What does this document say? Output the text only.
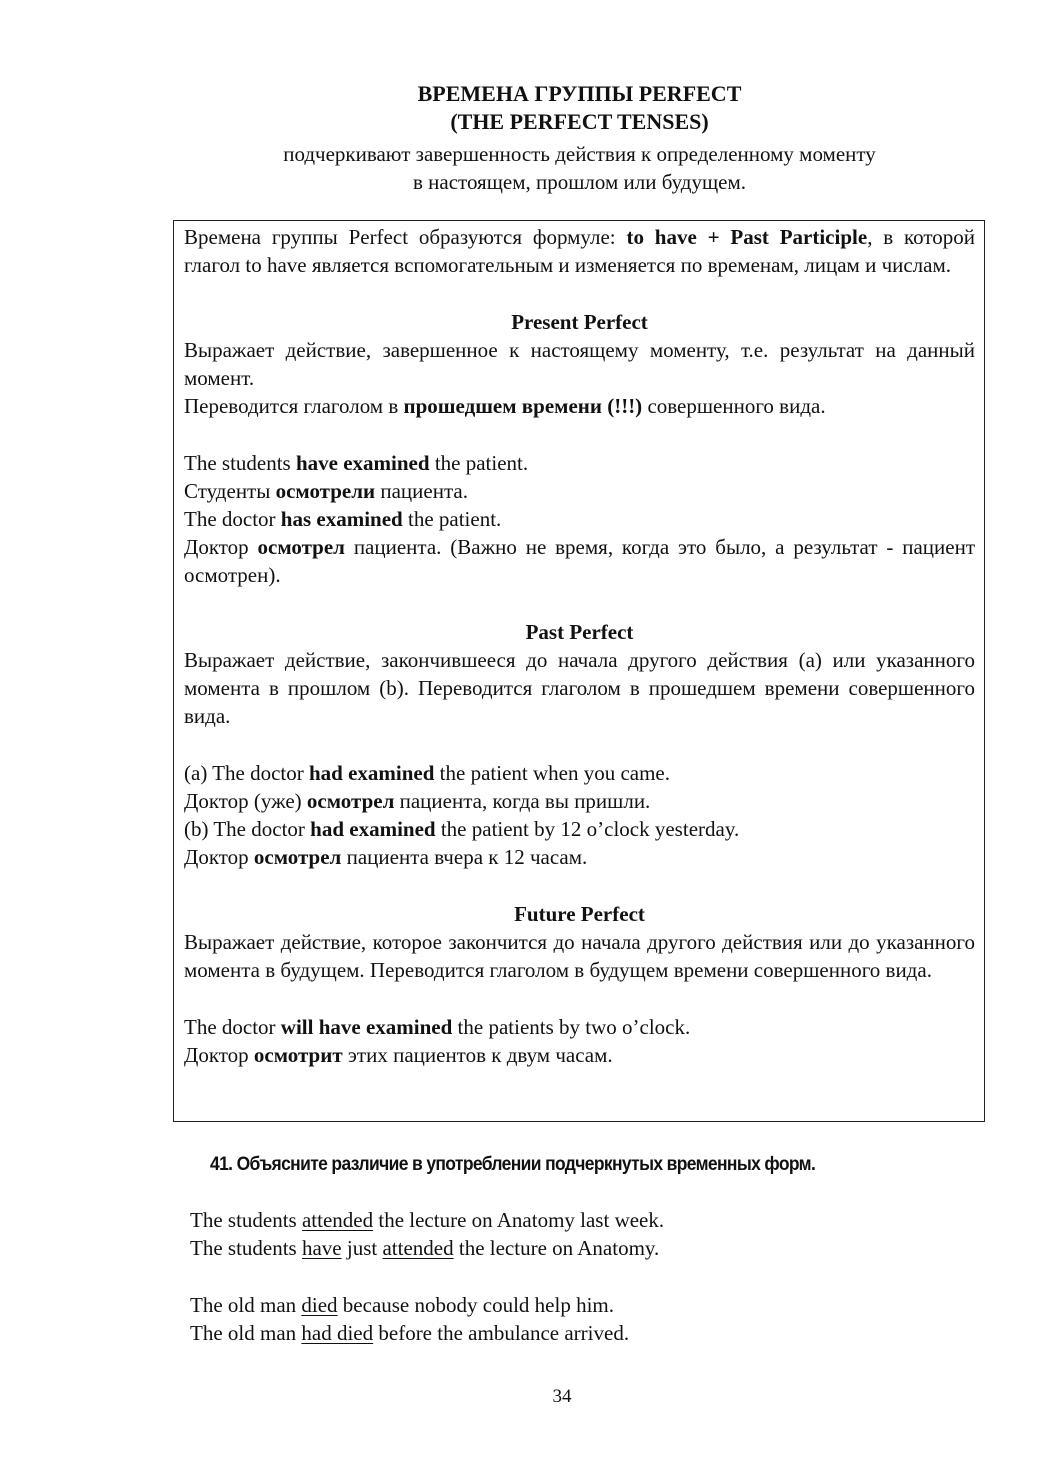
ВРЕМЕНА ГРУППЫ PERFECT
(THE PERFECT TENSES)
подчеркивают завершенность действия к определенному моменту
в настоящем, прошлом или будущем.

Времена группы Perfect образуются формуле: to have + Past Participle, в которой глагол to have является вспомогательным и изменяется по временам, лицам и числам.

Present Perfect

Выражает действие, завершенное к настоящему моменту, т.е. результат на данный момент.

Переводится глаголом в прошедшем времени (!!!) совершенного вида.

The students have examined the patient.

Студенты осмотрели пациента.

The doctor has examined the patient.

Доктор осмотрел пациента. (Важно не время, когда это было, а результат - пациент осмотрен).

Past Perfect

Выражает действие, закончившееся до начала другого действия (а) или указанного момента в прошлом (b). Переводится глаголом в прошедшем времени совершенного вида.

(a) The doctor had examined the patient when you came.

Доктор (уже) осмотрел пациента, когда вы пришли.

(b) The doctor had examined the patient by 12 o’clock yesterday.

Доктор осмотрел пациента вчера к 12 часам.

Future Perfect

Выражает действие, которое закончится до начала другого действия или до указанного момента в будущем. Переводится глаголом в будущем времени совершенного вида.

The doctor will have examined the patients by two o’clock.

Доктор осмотрит этих пациентов к двум часам.

41. Объясните различие в употреблении подчеркнутых временных форм.

The students attended the lecture on Anatomy last week.

The students have just attended the lecture on Anatomy.

The old man died because nobody could help him.

The old man had died before the ambulance arrived.

34
